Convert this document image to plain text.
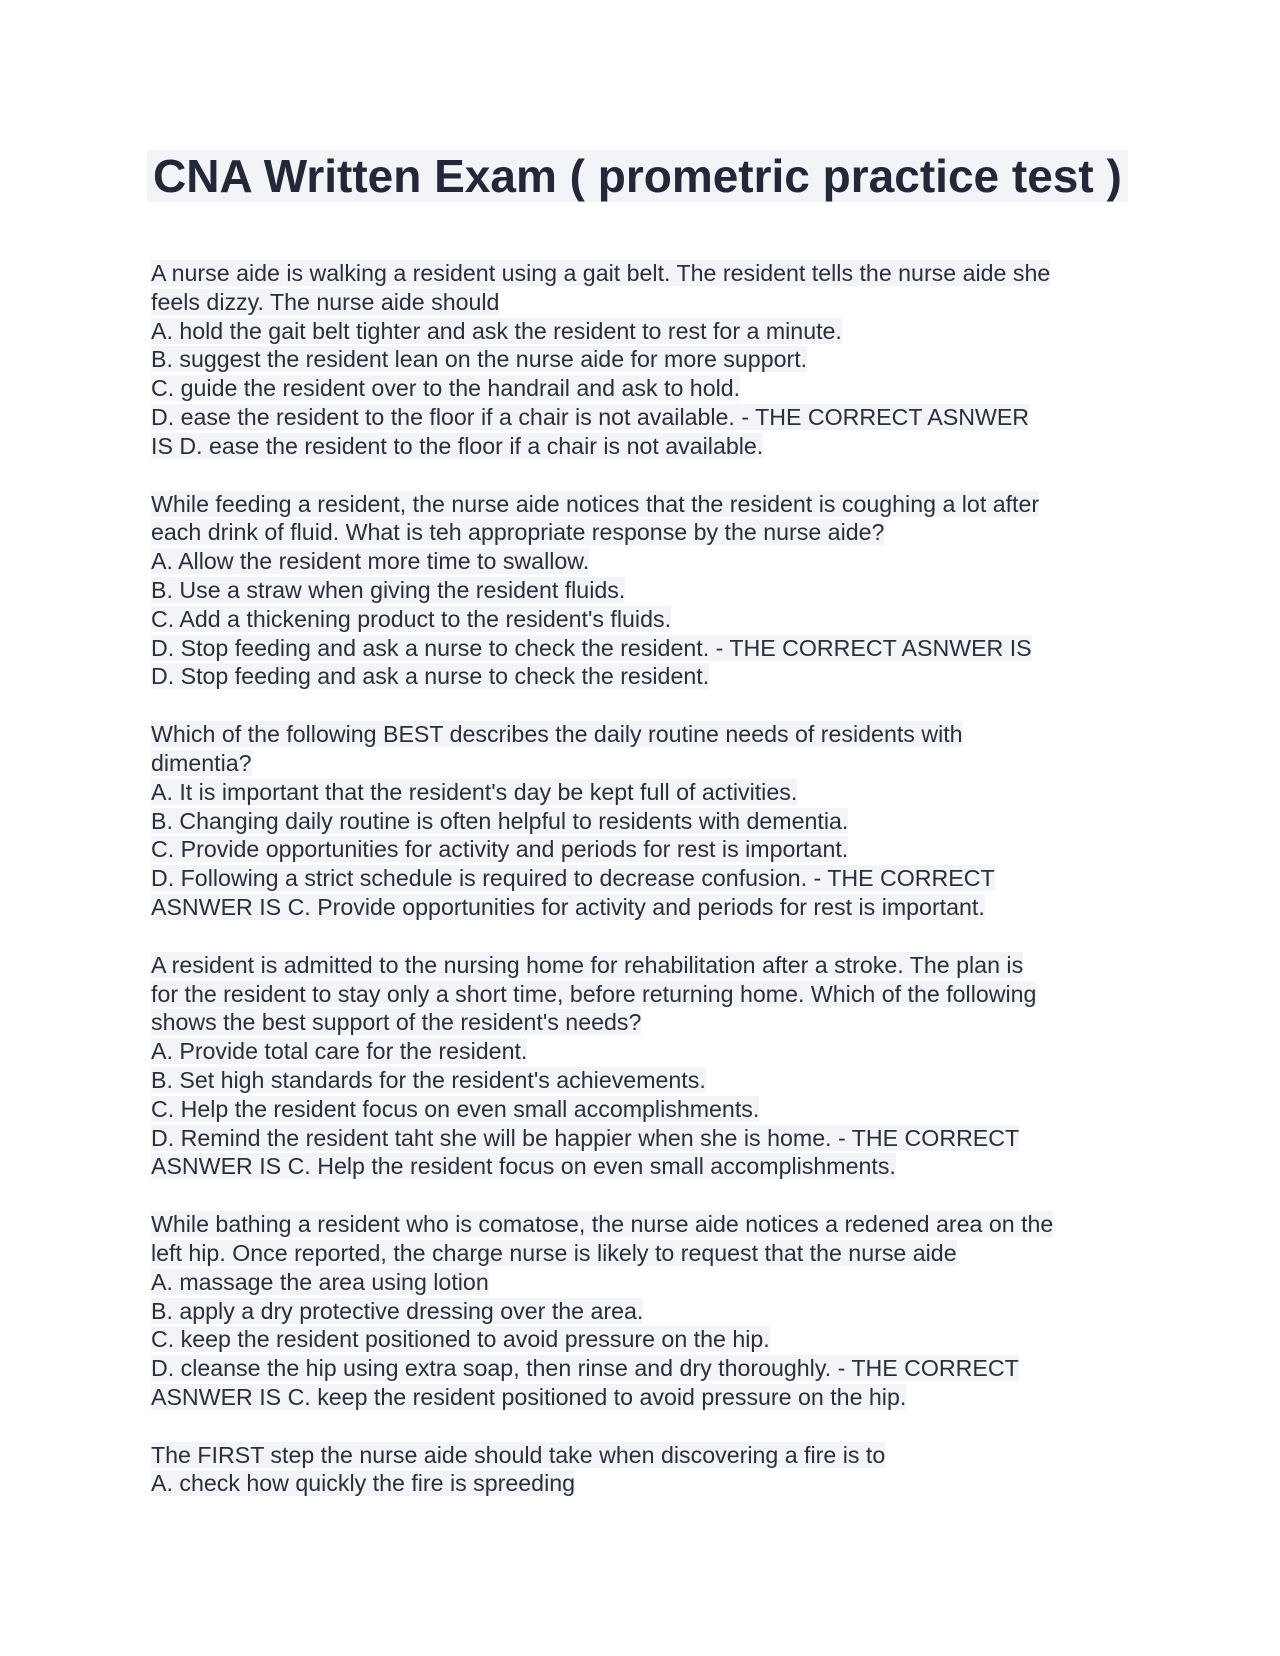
CNA Written Exam ( prometric practice test )
A nurse aide is walking a resident using a gait belt. The resident tells the nurse aide she
feels dizzy. The nurse aide should
A. hold the gait belt tighter and ask the resident to rest for a minute.
B. suggest the resident lean on the nurse aide for more support.
C. guide the resident over to the handrail and ask to hold.
D. ease the resident to the floor if a chair is not available. - THE CORRECT ASNWER
IS D. ease the resident to the floor if a chair is not available.
While feeding a resident, the nurse aide notices that the resident is coughing a lot after
each drink of fluid. What is teh appropriate response by the nurse aide?
A. Allow the resident more time to swallow.
B. Use a straw when giving the resident fluids.
C. Add a thickening product to the resident's fluids.
D. Stop feeding and ask a nurse to check the resident. - THE CORRECT ASNWER IS
D. Stop feeding and ask a nurse to check the resident.
Which of the following BEST describes the daily routine needs of residents with
dimentia?
A. It is important that the resident's day be kept full of activities.
B. Changing daily routine is often helpful to residents with dementia.
C. Provide opportunities for activity and periods for rest is important.
D. Following a strict schedule is required to decrease confusion. - THE CORRECT
ASNWER IS C. Provide opportunities for activity and periods for rest is important.
A resident is admitted to the nursing home for rehabilitation after a stroke. The plan is
for the resident to stay only a short time, before returning home. Which of the following
shows the best support of the resident's needs?
A. Provide total care for the resident.
B. Set high standards for the resident's achievements.
C. Help the resident focus on even small accomplishments.
D. Remind the resident taht she will be happier when she is home. - THE CORRECT
ASNWER IS C. Help the resident focus on even small accomplishments.
While bathing a resident who is comatose, the nurse aide notices a redened area on the
left hip. Once reported, the charge nurse is likely to request that the nurse aide
A. massage the area using lotion
B. apply a dry protective dressing over the area.
C. keep the resident positioned to avoid pressure on the hip.
D. cleanse the hip using extra soap, then rinse and dry thoroughly. - THE CORRECT
ASNWER IS C. keep the resident positioned to avoid pressure on the hip.
The FIRST step the nurse aide should take when discovering a fire is to
A. check how quickly the fire is spreeding
